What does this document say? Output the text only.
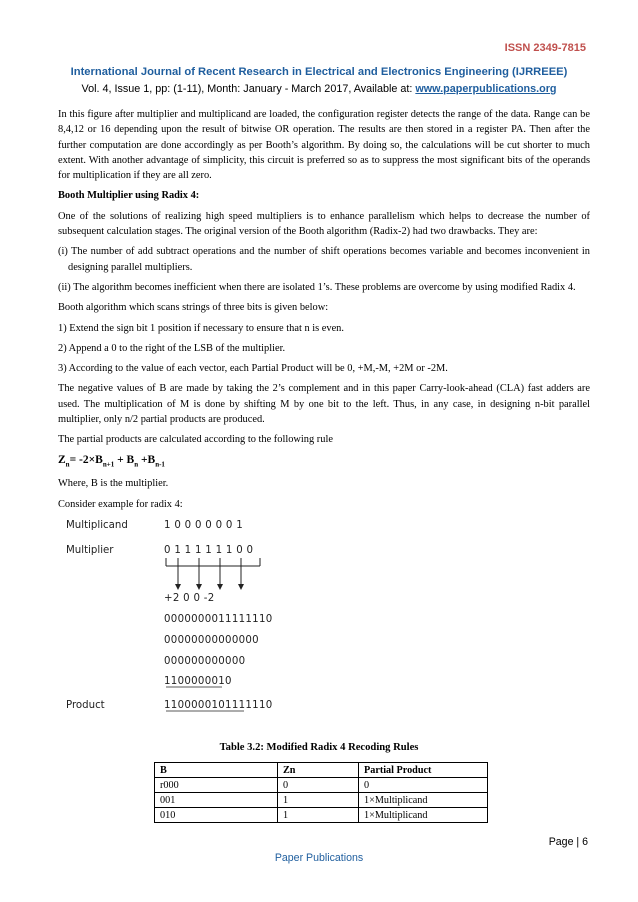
ISSN 2349-7815
International Journal of Recent Research in Electrical and Electronics Engineering (IJRREEE)
Vol. 4, Issue 1, pp: (1-11), Month: January - March 2017, Available at: www.paperpublications.org

In this figure after multiplier and multiplicand are loaded, the configuration register detects the range of the data. Range can be 8,4,12 or 16 depending upon the result of bitwise OR operation. The results are then stored in a register PA. Then after the further computation are done accordingly as per Booth’s algorithm. By doing so, the calculations will be cut shorter to much extent. With another advantage of simplicity, this circuit is preferred so as to suppress the most significant bits of the operands for multiplication if they are all zero.

Booth Multiplier using Radix 4:

One of the solutions of realizing high speed multipliers is to enhance parallelism which helps to decrease the number of subsequent calculation stages. The original version of the Booth algorithm (Radix-2) had two drawbacks. They are:

(i) The number of add subtract operations and the number of shift operations becomes variable and becomes inconvenient in designing parallel multipliers.

(ii) The algorithm becomes inefficient when there are isolated 1’s. These problems are overcome by using modified Radix 4.

Booth algorithm which scans strings of three bits is given below:

1) Extend the sign bit 1 position if necessary to ensure that n is even.

2) Append a 0 to the right of the LSB of the multiplier.

3) According to the value of each vector, each Partial Product will be 0, +M,-M, +2M or -2M.

The negative values of B are made by taking the 2’s complement and in this paper Carry-look-ahead (CLA) fast adders are used. The multiplication of M is done by shifting M by one bit to the left. Thus, in any case, in designing n-bit parallel multiplier, only n/2 partial products are produced.

The partial products are calculated according to the following rule

$Z_n= -2\times B_{n+1} + B_n +B_{n-1}$

Where, B is the multiplier.

Consider example for radix 4:

Multiplicand	1 0 0 0 0 0 0 1
Multiplier	0 1 1 1 1 1 1 0 0
+2 0 0 -2
0000000011111110
00000000000000
000000000000
1100000010
Product	1100000101111110
Table 3.2: Modified Radix 4 Recoding Rules
B	Zn	Partial Product
r000	0	0
001	1	1×Multiplicand
010	1	1×Multiplicand
Page | 6
Paper Publications
